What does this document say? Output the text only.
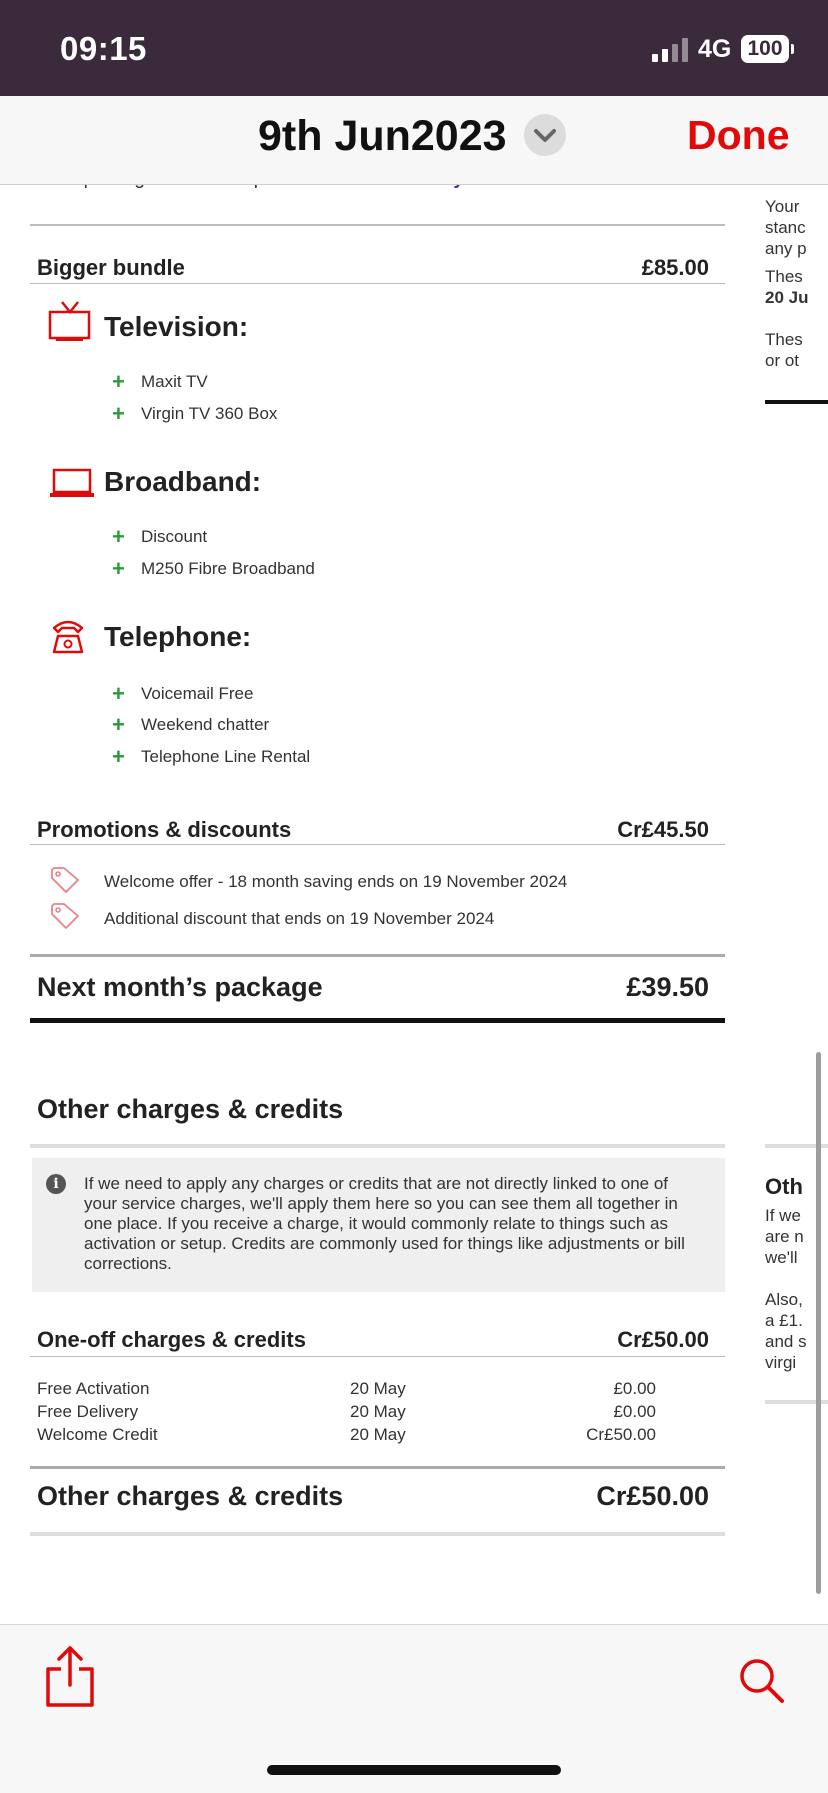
09:15	4G 100
9th Jun2023	Done
Bigger bundle	£85.00
Television:
+ Maxit TV
+ Virgin TV 360 Box
Broadband:
+ Discount
+ M250 Fibre Broadband
Telephone:
+ Voicemail Free
+ Weekend chatter
+ Telephone Line Rental
Promotions & discounts	Cr£45.50
Welcome offer - 18 month saving ends on 19 November 2024
Additional discount that ends on 19 November 2024
Next month’s package	£39.50
Other charges & credits
i	If we need to apply any charges or credits that are not directly linked to one of your service charges, we'll apply them here so you can see them all together in one place. If you receive a charge, it would commonly relate to things such as activation or setup. Credits are commonly used for things like adjustments or bill corrections.
One-off charges & credits	Cr£50.00
Free Activation	20 May	£0.00
Free Delivery	20 May	£0.00
Welcome Credit	20 May	Cr£50.00
Other charges & credits	Cr£50.00
Your
stanc
any p
Thes
20 Ju
Thes
or ot
Oth
If we
are n
we'll
Also,
a £1.
and s
virgi
